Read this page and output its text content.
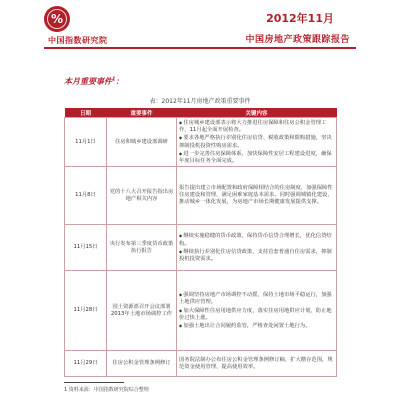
%
中国指数研究院
2012年11月
中国房地产政策跟踪报告
本月重要事件$^1$：
表：2012年11月房地产政策重要事件
日期	重要事件	关键内容
11月1日	住房和城乡建设部调研	◆ 住房城乡建设部表示将大力推进住房保障和住房公积金管理工作，11月起全面开展检查。
◆ 要求各地严格执行差别化住房信贷、税收政策和限购措施，坚决抑制投机投资性购房需求。
◆ 进一步完善住房保障体系，加快保障性安居工程建设进度，确保年度目标任务全面完成。

11月8日	党的十八大召开报告指出房地产相关内容	报告提出建立市场配置和政府保障相结合的住房制度，加强保障性住房建设和管理，满足困难家庭基本需求。同时强调城镇化建设，推动城乡一体化发展，为房地产市场长期健康发展提供支撑。
11月15日	央行发布第三季度货币政策执行报告	◆ 继续实施稳健的货币政策，保持货币信贷合理增长，优化信贷结构。
◆ 继续执行差别化住房信贷政策，支持首套普通自住房需求，抑制投机投资需求。

11月28日	国土资源部召开会议部署2013年土地市场调控工作	◆ 强调坚持房地产市场调控不动摇，保持土地市场平稳运行，加强土地供应管理。
◆ 加大保障性住房用地供应力度，落实住房用地供应计划，防止地价过快上涨。
◆ 加强土地出让合同履约监管，严格查处闲置土地行为。

11月29日	住房公积金管理条例修订	国务院法制办公布住房公积金管理条例修订稿，扩大缴存范围，规范资金使用管理，提高使用效率。
1 资料来源：中国指数研究院综合整理
